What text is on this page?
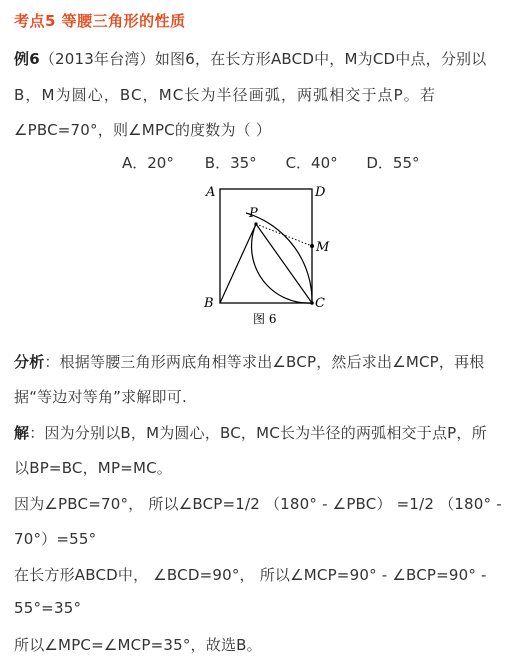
考点5 等腰三角形的性质
例6（2013年台湾）如图6，在长方形ABCD中，M为CD中点，分别以
B，M为圆心，BC，MC长为半径画弧，两弧相交于点P。若
∠PBC=70°，则∠MPC的度数为（ ）
A．20° B．35° C．40° D．55°
A	D
P
M
B	C
图 6
分析：根据等腰三角形两底角相等求出∠BCP，然后求出∠MCP，再根
据“等边对等角”求解即可.
解：因为分别以B，M为圆心，BC，MC长为半径的两弧相交于点P，所
以BP=BC，MP=MC。
因为∠PBC=70°， 所以∠BCP=1/2 （180° - ∠PBC） =1/2 （180° -
70°）=55°
在长方形ABCD中， ∠BCD=90°， 所以∠MCP=90° - ∠BCP=90° -
55°=35°
所以∠MPC=∠MCP=35°，故选B。
